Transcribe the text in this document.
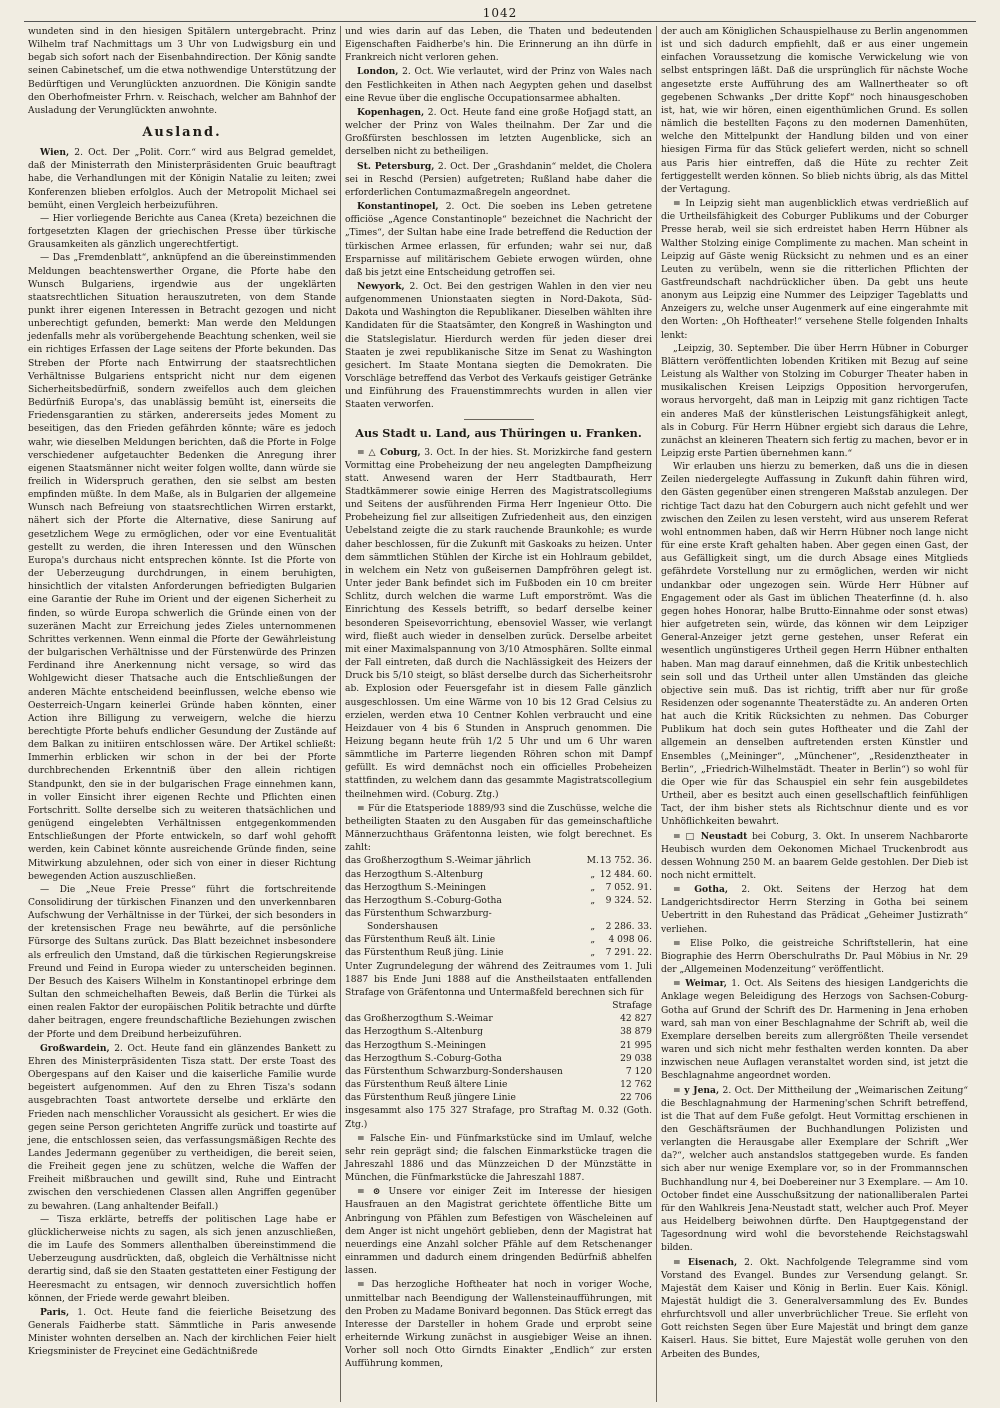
1042

wundeten sind in den hiesigen Spitälern untergebracht. Prinz Wilhelm traf Nachmittags um 3 Uhr von Ludwigsburg ein und begab sich sofort nach der Eisenbahndirection. Der König sandte seinen Cabinetschef, um die etwa nothwendige Unterstützung der Bedürftigen und Verunglückten anzuordnen. Die Königin sandte den Oberhofmeister Frhrn. v. Reischach, welcher am Bahnhof der Ausladung der Verunglückten anwohnte.

Ausland.

Wien, 2. Oct. Der „Polit. Corr.“ wird aus Belgrad gemeldet, daß der Ministerrath den Ministerpräsidenten Gruic beauftragt habe, die Verhandlungen mit der Königin Natalie zu leiten; zwei Konferenzen blieben erfolglos. Auch der Metropolit Michael sei bemüht, einen Vergleich herbeizuführen.

— Hier vorliegende Berichte aus Canea (Kreta) bezeichnen die fortgesetzten Klagen der griechischen Presse über türkische Grausamkeiten als gänzlich ungerechtfertigt.

— Das „Fremdenblatt“, anknüpfend an die übereinstimmenden Meldungen beachtenswerther Organe, die Pforte habe den Wunsch Bulgariens, irgendwie aus der ungeklärten staatsrechtlichen Situation herauszutreten, von dem Stande punkt ihrer eigenen Interessen in Betracht gezogen und nicht unberechtigt gefunden, bemerkt: Man werde den Meldungen jedenfalls mehr als vorübergehende Beachtung schenken, weil sie ein richtiges Erfassen der Lage seitens der Pforte bekunden. Das Streben der Pforte nach Entwirrung der staatsrechtlichen Verhältnisse Bulgariens entspricht nicht nur dem eigenen Sicherheitsbedürfniß, sondern zweifellos auch dem gleichen Bedürfniß Europa's, das unablässig bemüht ist, einerseits die Friedensgarantien zu stärken, andererseits jedes Moment zu beseitigen, das den Frieden gefährden könnte; wäre es jedoch wahr, wie dieselben Meldungen berichten, daß die Pforte in Folge verschiedener aufgetauchter Bedenken die Anregung ihrer eigenen Staatsmänner nicht weiter folgen wollte, dann würde sie freilich in Widerspruch gerathen, den sie selbst am besten empfinden müßte. In dem Maße, als in Bulgarien der allgemeine Wunsch nach Befreiung von staatsrechtlichen Wirren erstarkt, nähert sich der Pforte die Alternative, diese Sanirung auf gesetzlichem Wege zu ermöglichen, oder vor eine Eventualität gestellt zu werden, die ihren Interessen und den Wünschen Europa's durchaus nicht entsprechen könnte. Ist die Pforte von der Ueberzeugung durchdrungen, in einem beruhigten, hinsichtlich der vitalsten Anforderungen befriedigten Bulgarien eine Garantie der Ruhe im Orient und der eigenen Sicherheit zu finden, so würde Europa schwerlich die Gründe einen von der suzeränen Macht zur Erreichung jedes Zieles unternommenen Schrittes verkennen. Wenn einmal die Pforte der Gewährleistung der bulgarischen Verhältnisse und der Fürstenwürde des Prinzen Ferdinand ihre Anerkennung nicht versage, so wird das Wohlgewicht dieser Thatsache auch die Entschließungen der anderen Mächte entscheidend beeinflussen, welche ebenso wie Oesterreich-Ungarn keinerlei Gründe haben könnten, einer Action ihre Billigung zu verweigern, welche die hierzu berechtigte Pforte behufs endlicher Gesundung der Zustände auf dem Balkan zu initiiren entschlossen wäre. Der Artikel schließt: Immerhin erblicken wir schon in der bei der Pforte durchbrechenden Erkenntniß über den allein richtigen Standpunkt, den sie in der bulgarischen Frage einnehmen kann, in voller Einsicht ihrer eigenen Rechte und Pflichten einen Fortschritt. Sollte derselbe sich zu weiteren thatsächlichen und genügend eingelebten Verhältnissen entgegenkommenden Entschließungen der Pforte entwickeln, so darf wohl gehofft werden, kein Cabinet könnte ausreichende Gründe finden, seine Mitwirkung abzulehnen, oder sich von einer in dieser Richtung bewegenden Action auszuschließen.

— Die „Neue Freie Presse“ führt die fortschreitende Consolidirung der türkischen Finanzen und den unverkennbaren Aufschwung der Verhältnisse in der Türkei, der sich besonders in der kretensischen Frage neu bewährte, auf die persönliche Fürsorge des Sultans zurück. Das Blatt bezeichnet insbesondere als erfreulich den Umstand, daß die türkischen Regierungskreise Freund und Feind in Europa wieder zu unterscheiden beginnen. Der Besuch des Kaisers Wilhelm in Konstantinopel erbringe dem Sultan den schmeichelhaften Beweis, daß Berlin die Türkei als einen realen Faktor der europäischen Politik betrachte und dürfte daher beitragen, engere freundschaftliche Beziehungen zwischen der Pforte und dem Dreibund herbeizuführen.

Großwardein, 2. Oct. Heute fand ein glänzendes Bankett zu Ehren des Ministerpräsidenten Tisza statt. Der erste Toast des Obergespans auf den Kaiser und die kaiserliche Familie wurde begeistert aufgenommen. Auf den zu Ehren Tisza's sodann ausgebrachten Toast antwortete derselbe und erklärte den Frieden nach menschlicher Voraussicht als gesichert. Er wies die gegen seine Person gerichteten Angriffe zurück und toastirte auf jene, die entschlossen seien, das verfassungsmäßigen Rechte des Landes Jedermann gegenüber zu vertheidigen, die bereit seien, die Freiheit gegen jene zu schützen, welche die Waffen der Freiheit mißbrauchen und gewillt sind, Ruhe und Eintracht zwischen den verschiedenen Classen allen Angriffen gegenüber zu bewahren. (Lang anhaltender Beifall.)

— Tisza erklärte, betreffs der politischen Lage habe er glücklicherweise nichts zu sagen, als sich jenen anzuschließen, die im Laufe des Sommers allenthalben übereinstimmend die Ueberzeugung ausdrückten, daß, obgleich die Verhältnisse nicht derartig sind, daß sie den Staaten gestatteten einer Festigung der Heeresmacht zu entsagen, wir dennoch zuversichtlich hoffen können, der Friede werde gewahrt bleiben.

Paris, 1. Oct. Heute fand die feierliche Beisetzung des Generals Faidherbe statt. Sämmtliche in Paris anwesende Minister wohnten derselben an. Nach der kirchlichen Feier hielt Kriegsminister de Freycinet eine Gedächtnißrede

und wies darin auf das Leben, die Thaten und bedeutenden Eigenschaften Faidherbe's hin. Die Erinnerung an ihn dürfe in Frankreich nicht verloren gehen.

London, 2. Oct. Wie verlautet, wird der Prinz von Wales nach den Festlichkeiten in Athen nach Aegypten gehen und daselbst eine Revue über die englische Occupationsarmee abhalten.

Kopenhagen, 2. Oct. Heute fand eine große Hofjagd statt, an welcher der Prinz von Wales theilnahm. Der Zar und die Großfürsten beschlossen im letzten Augenblicke, sich an derselben nicht zu betheiligen.

St. Petersburg, 2. Oct. Der „Grashdanin“ meldet, die Cholera sei in Reschd (Persien) aufgetreten; Rußland habe daher die erforderlichen Contumazmaßregeln angeordnet.

Konstantinopel, 2. Oct. Die soeben ins Leben getretene officiöse „Agence Constantinople“ bezeichnet die Nachricht der „Times“, der Sultan habe eine Irade betreffend die Reduction der türkischen Armee erlassen, für erfunden; wahr sei nur, daß Ersparnisse auf militärischem Gebiete erwogen würden, ohne daß bis jetzt eine Entscheidung getroffen sei.

Newyork, 2. Oct. Bei den gestrigen Wahlen in den vier neu aufgenommenen Unionstaaten siegten in Nord-Dakota, Süd-Dakota und Washington die Republikaner. Dieselben wählten ihre Kandidaten für die Staatsämter, den Kongreß in Washington und die Statslegislatur. Hierdurch werden für jeden dieser drei Staaten je zwei republikanische Sitze im Senat zu Washington gesichert. Im Staate Montana siegten die Demokraten. Die Vorschläge betreffend das Verbot des Verkaufs geistiger Getränke und Einführung des Frauenstimmrechts wurden in allen vier Staaten verworfen.

Aus Stadt u. Land, aus Thüringen u. Franken.

= △ Coburg, 3. Oct. In der hies. St. Morizkirche fand gestern Vormittag eine Probeheizung der neu angelegten Dampfheizung statt. Anwesend waren der Herr Stadtbaurath, Herr Stadtkämmerer sowie einige Herren des Magistratscollegiums und Seitens der ausführenden Firma Herr Ingenieur Otto. Die Probeheizung fiel zur allseitigen Zufriedenheit aus, den einzigen Uebelstand zeigte die zu stark rauchende Braunkohle; es wurde daher beschlossen, für die Zukunft mit Gaskoaks zu heizen. Unter dem sämmtlichen Stühlen der Kirche ist ein Hohlraum gebildet, in welchem ein Netz von gußeisernen Dampfröhren gelegt ist. Unter jeder Bank befindet sich im Fußboden ein 10 cm breiter Schlitz, durch welchen die warme Luft emporströmt. Was die Einrichtung des Kessels betrifft, so bedarf derselbe keiner besonderen Speisevorrichtung, ebensoviel Wasser, wie verlangt wird, fließt auch wieder in denselben zurück. Derselbe arbeitet mit einer Maximalspannung von 3/10 Atmosphären. Sollte einmal der Fall eintreten, daß durch die Nachlässigkeit des Heizers der Druck bis 5/10 steigt, so bläst derselbe durch das Sicherheitsrohr ab. Explosion oder Feuersgefahr ist in diesem Falle gänzlich ausgeschlossen. Um eine Wärme von 10 bis 12 Grad Celsius zu erzielen, werden etwa 10 Centner Kohlen verbraucht und eine Heizdauer von 4 bis 6 Stunden in Anspruch genommen. Die Heizung begann heute früh 1/2 5 Uhr und um 6 Uhr waren sämmtliche im Parterre liegenden Röhren schon mit Dampf gefüllt. Es wird demnächst noch ein officielles Probeheizen stattfinden, zu welchem dann das gesammte Magistratscollegium theilnehmen wird. (Coburg. Ztg.)

= Für die Etatsperiode 1889/93 sind die Zuschüsse, welche die betheiligten Staaten zu den Ausgaben für das gemeinschaftliche Männerzuchthaus Gräfentonna leisten, wie folgt berechnet. Es zahlt:

das Großherzogthum S.-Weimar jährlich	M.	13 752. 36.
das Herzogthum S.-Altenburg	„	12 484. 60.
das Herzogthum S.-Meiningen	„	7 052. 91.
das Herzogthum S.-Coburg-Gotha	„	9 324. 52.
das Fürstenthum Schwarzburg-		
Sondershausen	„	2 286. 33.
das Fürstenthum Reuß ält. Linie	„	4 098 06.
das Fürstenthum Reuß jüng. Linie	„	7 291. 22.

Unter Zugrundelegung der während des Zeitraumes vom 1. Juli 1887 bis Ende Juni 1888 auf die Anstheilstaaten entfallenden Strafage von Gräfentonna und Untermaßfeld berechnen sich für
Strafage

das Großherzogthum S.-Weimar	42 827
das Herzogthum S.-Altenburg	38 879
das Herzogthum S.-Meiningen	21 995
das Herzogthum S.-Coburg-Gotha	29 038
das Fürstenthum Schwarzburg-Sondershausen	7 120
das Fürstenthum Reuß ältere Linie	12 762
das Fürstenthum Reuß jüngere Linie	22 706

insgesammt also 175 327 Strafage, pro Straftag M. 0.32 (Goth. Ztg.)

= Falsche Ein- und Fünfmarkstücke sind im Umlauf, welche sehr rein geprägt sind; die falschen Einmarkstücke tragen die Jahreszahl 1886 und das Münzzeichen D der Münzstätte in München, die Fünfmarkstücke die Jahreszahl 1887.

= ⊙ Unsere vor einiger Zeit im Interesse der hiesigen Hausfrauen an den Magistrat gerichtete öffentliche Bitte um Anbringung von Pfählen zum Befestigen von Wäscheleinen auf dem Anger ist nicht ungehört geblieben, denn der Magistrat hat neuerdings eine Anzahl solcher Pfähle auf dem Retschenanger einrammen und dadurch einem dringenden Bedürfniß abhelfen lassen.

= Das herzogliche Hoftheater hat noch in voriger Woche, unmittelbar nach Beendigung der Wallensteinaufführungen, mit den Proben zu Madame Bonivard begonnen. Das Stück erregt das Interesse der Darsteller in hohem Grade und erprobt seine erheiternde Wirkung zunächst in ausgiebiger Weise an ihnen. Vorher soll noch Otto Girndts Einakter „Endlich“ zur ersten Aufführung kommen,

der auch am Königlichen Schauspielhause zu Berlin angenommen ist und sich dadurch empfiehlt, daß er aus einer ungemein einfachen Voraussetzung die komische Verwickelung wie von selbst entspringen läßt. Daß die ursprünglich für nächste Woche angesetzte erste Aufführung des am Wallnertheater so oft gegebenen Schwanks „Der dritte Kopf“ noch hinausgeschoben ist, hat, wie wir hören, einen eigenthümlichen Grund. Es sollen nämlich die bestellten Façons zu den modernen Damenhüten, welche den Mittelpunkt der Handlung bilden und von einer hiesigen Firma für das Stück geliefert werden, nicht so schnell aus Paris hier eintreffen, daß die Hüte zu rechter Zeit fertiggestellt werden können. So blieb nichts übrig, als das Mittel der Vertagung.

= In Leipzig sieht man augenblicklich etwas verdrießlich auf die Urtheilsfähigkeit des Coburger Publikums und der Coburger Presse herab, weil sie sich erdreistet haben Herrn Hübner als Walther Stolzing einige Complimente zu machen. Man scheint in Leipzig auf Gäste wenig Rücksicht zu nehmen und es an einer Leuten zu verübeln, wenn sie die ritterlichen Pflichten der Gastfreundschaft nachdrücklicher üben. Da gebt uns heute anonym aus Leipzig eine Nummer des Leipziger Tageblatts und Anzeigers zu, welche unser Augenmerk auf eine eingerahmte mit den Worten: „Oh Hoftheater!“ versehene Stelle folgenden Inhalts lenkt:

„Leipzig, 30. September. Die über Herrn Hübner in Coburger Blättern veröffentlichten lobenden Kritiken mit Bezug auf seine Leistung als Walther von Stolzing im Coburger Theater haben in musikalischen Kreisen Leipzigs Opposition hervorgerufen, woraus hervorgeht, daß man in Leipzig mit ganz richtigen Tacte ein anderes Maß der künstlerischen Leistungsfähigkeit anlegt, als in Coburg. Für Herrn Hübner ergiebt sich daraus die Lehre, zunächst an kleineren Theatern sich fertig zu machen, bevor er in Leipzig erste Partien übernehmen kann.“

Wir erlauben uns hierzu zu bemerken, daß uns die in diesen Zeilen niedergelegte Auffassung in Zukunft dahin führen wird, den Gästen gegenüber einen strengeren Maßstab anzulegen. Der richtige Tact dazu hat den Coburgern auch nicht gefehlt und wer zwischen den Zeilen zu lesen versteht, wird aus unserem Referat wohl entnommen haben, daß wir Herrn Hübner noch lange nicht für eine erste Kraft gehalten haben. Aber gegen einen Gast, der aus Gefälligkeit singt, um die durch Absage eines Mitglieds gefährdete Vorstellung nur zu ermöglichen, werden wir nicht undankbar oder ungezogen sein. Würde Herr Hübner auf Engagement oder als Gast im üblichen Theaterfinne (d. h. also gegen hohes Honorar, halbe Brutto-Einnahme oder sonst etwas) hier aufgetreten sein, würde, das können wir dem Leipziger General-Anzeiger jetzt gerne gestehen, unser Referat ein wesentlich ungünstigeres Urtheil gegen Herrn Hübner enthalten haben. Man mag darauf einnehmen, daß die Kritik unbestechlich sein soll und das Urtheil unter allen Umständen das gleiche objective sein muß. Das ist richtig, trifft aber nur für große Residenzen oder sogenannte Theaterstädte zu. An anderen Orten hat auch die Kritik Rücksichten zu nehmen. Das Coburger Publikum hat doch sein gutes Hoftheater und die Zahl der allgemein an denselben auftretenden ersten Künstler und Ensembles („Meininger“, „Münchener“, „Residenztheater in Berlin“, „Friedrich-Wilhelmstädt. Theater in Berlin“) so wohl für die Oper wie für das Schauspiel ein sehr fein ausgebildetes Urtheil, aber es besitzt auch einen gesellschaftlich feinfühligen Tact, der ihm bisher stets als Richtschnur diente und es vor Unhöflichkeiten bewahrt.

= □ Neustadt bei Coburg, 3. Okt. In unserem Nachbarorte Heubisch wurden dem Oekonomen Michael Truckenbrodt aus dessen Wohnung 250 M. an baarem Gelde gestohlen. Der Dieb ist noch nicht ermittelt.

= Gotha, 2. Okt. Seitens der Herzog hat dem Landgerichtsdirector Herrn Sterzing in Gotha bei seinem Uebertritt in den Ruhestand das Prädicat „Geheimer Justizrath“ verliehen.

= Elise Polko, die geistreiche Schriftstellerin, hat eine Biographie des Herrn Oberschulraths Dr. Paul Möbius in Nr. 29 der „Allgemeinen Modenzeitung“ veröffentlicht.

= Weimar, 1. Oct. Als Seitens des hiesigen Landgerichts die Anklage wegen Beleidigung des Herzogs von Sachsen-Coburg-Gotha auf Grund der Schrift des Dr. Harmening in Jena erhoben ward, sah man von einer Beschlagnahme der Schrift ab, weil die Exemplare derselben bereits zum allergrößten Theile versendet waren und sich nicht mehr festhalten werden konnten. Da aber inzwischen neue Auflagen veranstaltet worden sind, ist jetzt die Beschlagnahme angeordnet worden.

= y Jena, 2. Oct. Der Mittheilung der „Weimarischen Zeitung“ die Beschlagnahmung der Harmening'schen Schrift betreffend, ist die That auf dem Fuße gefolgt. Heut Vormittag erschienen in den Geschäftsräumen der Buchhandlungen Polizisten und verlangten die Herausgabe aller Exemplare der Schrift „Wer da?“, welcher auch anstandslos stattgegeben wurde. Es fanden sich aber nur wenige Exemplare vor, so in der Frommannschen Buchhandlung nur 4, bei Doebereiner nur 3 Exemplare. — Am 10. October findet eine Ausschußsitzung der nationalliberalen Partei für den Wahlkreis Jena-Neustadt statt, welcher auch Prof. Meyer aus Heidelberg beiwohnen dürfte. Den Hauptgegenstand der Tagesordnung wird wohl die bevorstehende Reichstagswahl bilden.

= Eisenach, 2. Okt. Nachfolgende Telegramme sind vom Vorstand des Evangel. Bundes zur Versendung gelangt. Sr. Majestät dem Kaiser und König in Berlin. Euer Kais. Königl. Majestät huldigt die 3. Generalversammlung des Ev. Bundes ehrfurchtsvoll und aller unverbrüchlicher Treue. Sie erfleht von Gott reichsten Segen über Eure Majestät und bringt dem ganze Kaiserl. Haus. Sie bittet, Eure Majestät wolle geruhen von den Arbeiten des Bundes,
